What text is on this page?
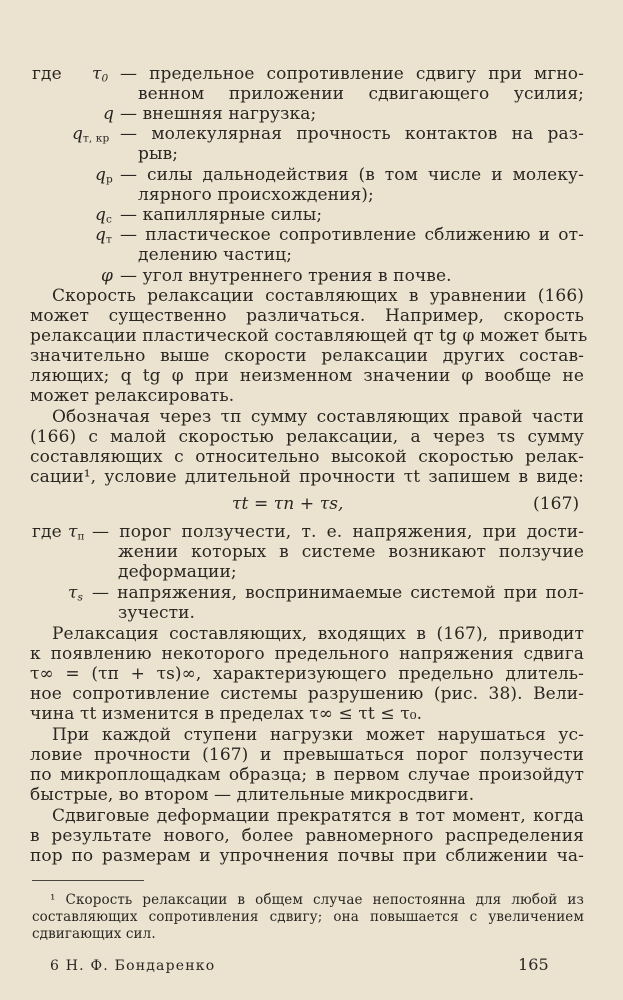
где $\tau_0$ — предельное сопротивление сдвигу при мгно-
венном приложении сдвигающего усилия;
q — внешняя нагрузка;
$q_{т, кр}$ — молекулярная прочность контактов на раз-
рыв;
$q_р$ — силы дальнодействия (в том числе и молеку-
лярного происхождения);
$q_с$ — капиллярные силы;
$q_т$ — пластическое сопротивление сближению и от-
делению частиц;
φ — угол внутреннего трения в почве.
Скорость релаксации составляющих в уравнении (166)
может существенно различаться. Например, скорость
релаксации пластической составляющей qт tg φ может быть
значительно выше скорости релаксации других состав-
ляющих; q tg φ при неизменном значении φ вообще не
может релаксировать.
Обозначая через τп сумму составляющих правой части
(166) с малой скоростью релаксации, а через τs сумму
составляющих с относительно высокой скоростью релак-
сации¹, условие длительной прочности τt запишем в виде:
τt = τп + τs,	(167)
где $\tau_п$ — порог ползучести, т. е. напряжения, при дости-
жении которых в системе возникают ползучие
деформации;
$\tau_s$ — напряжения, воспринимаемые системой при пол-
зучести.
Релаксация составляющих, входящих в (167), приводит
к появлению некоторого предельного напряжения сдвига
τ∞ = (τп + τs)∞, характеризующего предельно длитель-
ное сопротивление системы разрушению (рис. 38). Вели-
чина τt изменится в пределах τ∞ ≤ τt ≤ τ₀.
При каждой ступени нагрузки может нарушаться ус-
ловие прочности (167) и превышаться порог ползучести
по микроплощадкам образца; в первом случае произойдут
быстрые, во втором — длительные микросдвиги.
Сдвиговые деформации прекратятся в тот момент, когда
в результате нового, более равномерного распределения
пор по размерам и упрочнения почвы при сближении ча-
¹ Скорость релаксации в общем случае непостоянна для любой из
составляющих сопротивления сдвигу; она повышается с увеличением
сдвигающих сил.
6 Н. Ф. Бондаренко	165
